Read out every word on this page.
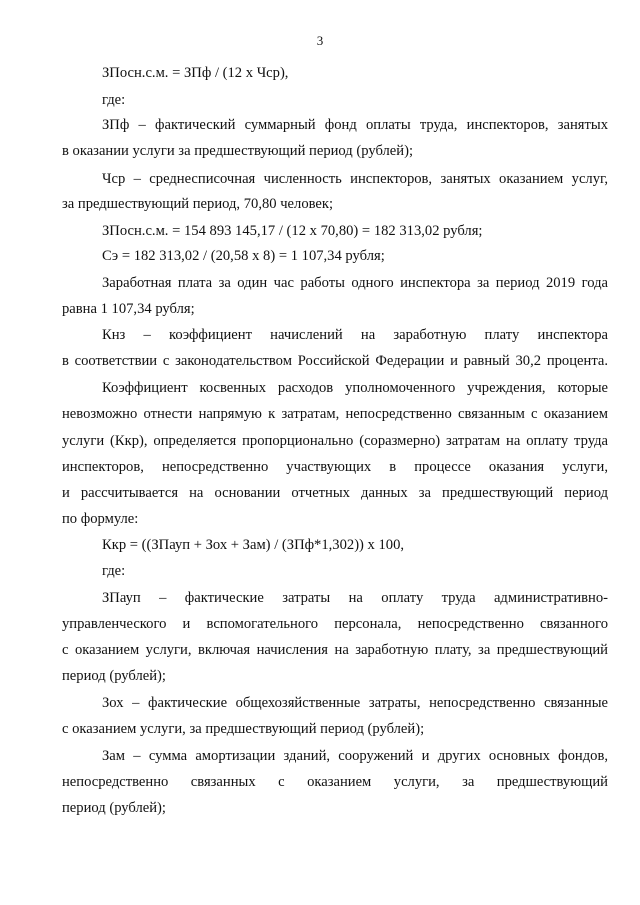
3
ЗПосн.с.м. = ЗПф / (12 х Чср),
где:
ЗПф – фактический суммарный фонд оплаты труда, инспекторов, занятых
в оказании услуги за предшествующий период (рублей);
Чср – среднесписочная численность инспекторов, занятых оказанием услуг,
за предшествующий период, 70,80 человек;
ЗПосн.с.м. = 154 893 145,17 / (12 х 70,80) = 182 313,02 рубля;
Сэ = 182 313,02 / (20,58 х 8) = 1 107,34 рубля;
Заработная плата за один час работы одного инспектора за период 2019 года
равна 1 107,34 рубля;
Кнз – коэффициент начислений на заработную плату инспектора
в соответствии с законодательством Российской Федерации и равный 30,2 процента.
Коэффициент косвенных расходов уполномоченного учреждения, которые
невозможно отнести напрямую к затратам, непосредственно связанным с оказанием
услуги (Ккр), определяется пропорционально (соразмерно) затратам на оплату труда
инспекторов, непосредственно участвующих в процессе оказания услуги,
и рассчитывается на основании отчетных данных за предшествующий период
по формуле:
Ккр = ((ЗПауп + Зох + Зам) / (ЗПф*1,302)) х 100,
где:
ЗПауп – фактические затраты на оплату труда административно-
управленческого и вспомогательного персонала, непосредственно связанного
с оказанием услуги, включая начисления на заработную плату, за предшествующий
период (рублей);
Зох – фактические общехозяйственные затраты, непосредственно связанные
с оказанием услуги, за предшествующий период (рублей);
Зам – сумма амортизации зданий, сооружений и других основных фондов,
непосредственно связанных с оказанием услуги, за предшествующий
период (рублей);
